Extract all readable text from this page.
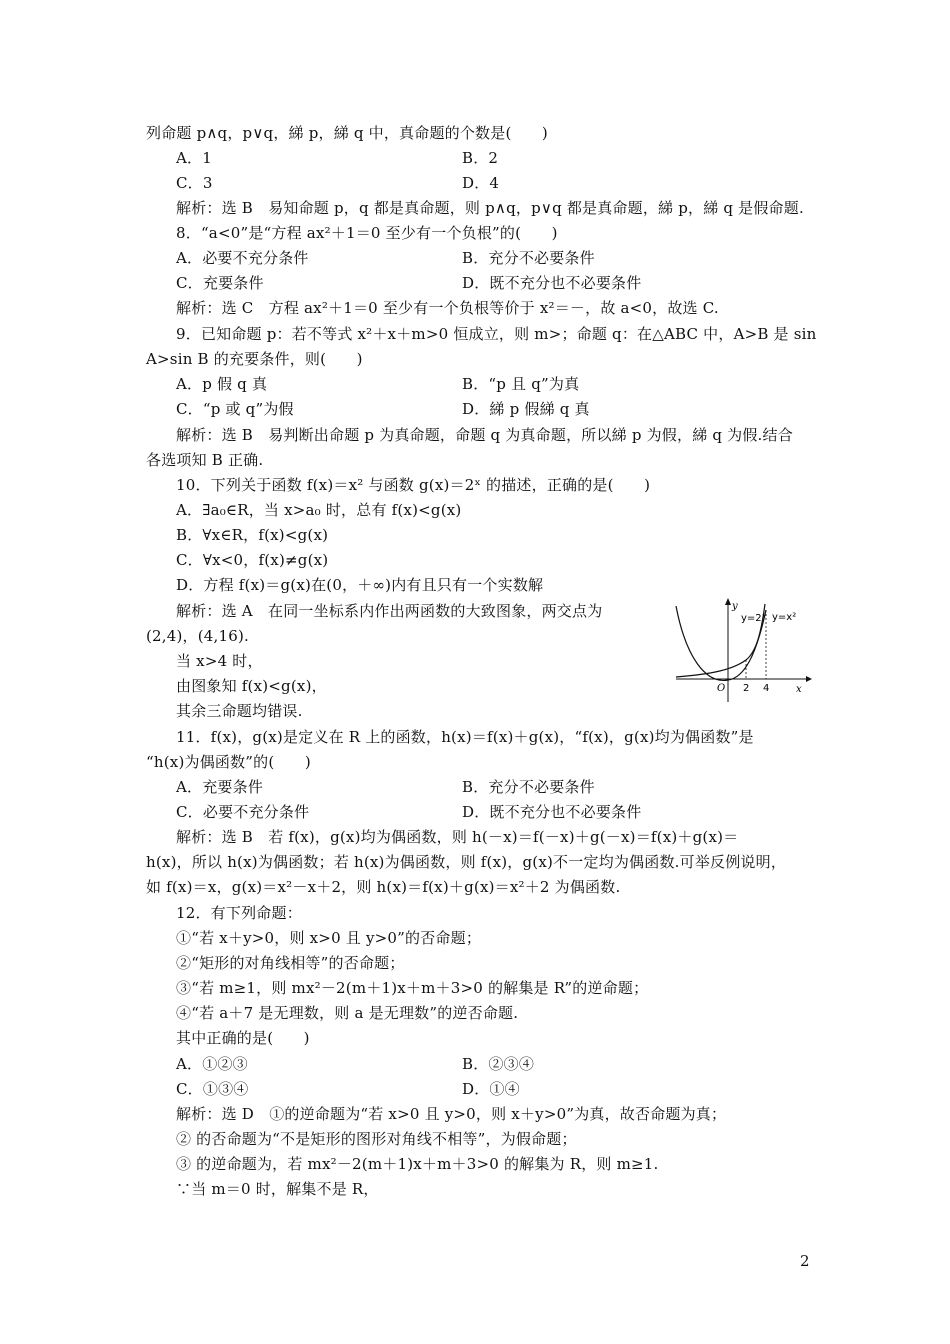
列命题 p∧q，p∨q，綈 p，綈 q 中，真命题的个数是(　　)
A．1	B．2
C．3	D．4
解析：选 B　易知命题 p，q 都是真命题，则 p∧q，p∨q 都是真命题，綈 p，綈 q 是假命题.
8．“a<0”是“方程 ax²＋1＝0 至少有一个负根”的(　　)
A．必要不充分条件	B．充分不必要条件
C．充要条件	D．既不充分也不必要条件
解析：选 C　方程 ax²＋1＝0 至少有一个负根等价于 x²＝－，故 a<0，故选 C.
9．已知命题 p：若不等式 x²＋x＋m>0 恒成立，则 m>；命题 q：在△ABC 中，A>B 是 sin
A>sin B 的充要条件，则(　　)
A．p 假 q 真	B．“p 且 q”为真
C．“p 或 q”为假	D．綈 p 假綈 q 真
解析：选 B　易判断出命题 p 为真命题，命题 q 为真命题，所以綈 p 为假，綈 q 为假.结合
各选项知 B 正确.
10．下列关于函数 f(x)＝x² 与函数 g(x)＝2ˣ 的描述，正确的是(　　)
A．∃a₀∈R，当 x>a₀ 时，总有 f(x)<g(x)
B．∀x∈R，f(x)<g(x)
C．∀x<0，f(x)≠g(x)
D．方程 f(x)＝g(x)在(0，＋∞)内有且只有一个实数解
解析：选 A　在同一坐标系内作出两函数的大致图象，两交点为
(2,4)，(4,16).
当 x>4 时，
由图象知 f(x)<g(x)，
其余三命题均错误.
y=2ˣ y=x²
y
x
O 2 4
11．f(x)，g(x)是定义在 R 上的函数，h(x)＝f(x)＋g(x)，“f(x)，g(x)均为偶函数”是
“h(x)为偶函数”的(　　)
A．充要条件	B．充分不必要条件
C．必要不充分条件	D．既不充分也不必要条件
解析：选 B　若 f(x)，g(x)均为偶函数，则 h(－x)＝f(－x)＋g(－x)＝f(x)＋g(x)＝
h(x)，所以 h(x)为偶函数；若 h(x)为偶函数，则 f(x)，g(x)不一定均为偶函数.可举反例说明，
如 f(x)＝x，g(x)＝x²－x＋2，则 h(x)＝f(x)＋g(x)＝x²＋2 为偶函数.
12．有下列命题：
①“若 x＋y>0，则 x>0 且 y>0”的否命题；
②“矩形的对角线相等”的否命题；
③“若 m≥1，则 mx²－2(m＋1)x＋m＋3>0 的解集是 R”的逆命题；
④“若 a＋7 是无理数，则 a 是无理数”的逆否命题.
其中正确的是(　　)
A．①②③	B．②③④
C．①③④	D．①④
解析：选 D　①的逆命题为“若 x>0 且 y>0，则 x＋y>0”为真，故否命题为真；
② 的否命题为“不是矩形的图形对角线不相等”，为假命题；
③ 的逆命题为，若 mx²－2(m＋1)x＋m＋3>0 的解集为 R，则 m≥1.
∵当 m＝0 时，解集不是 R，
2
